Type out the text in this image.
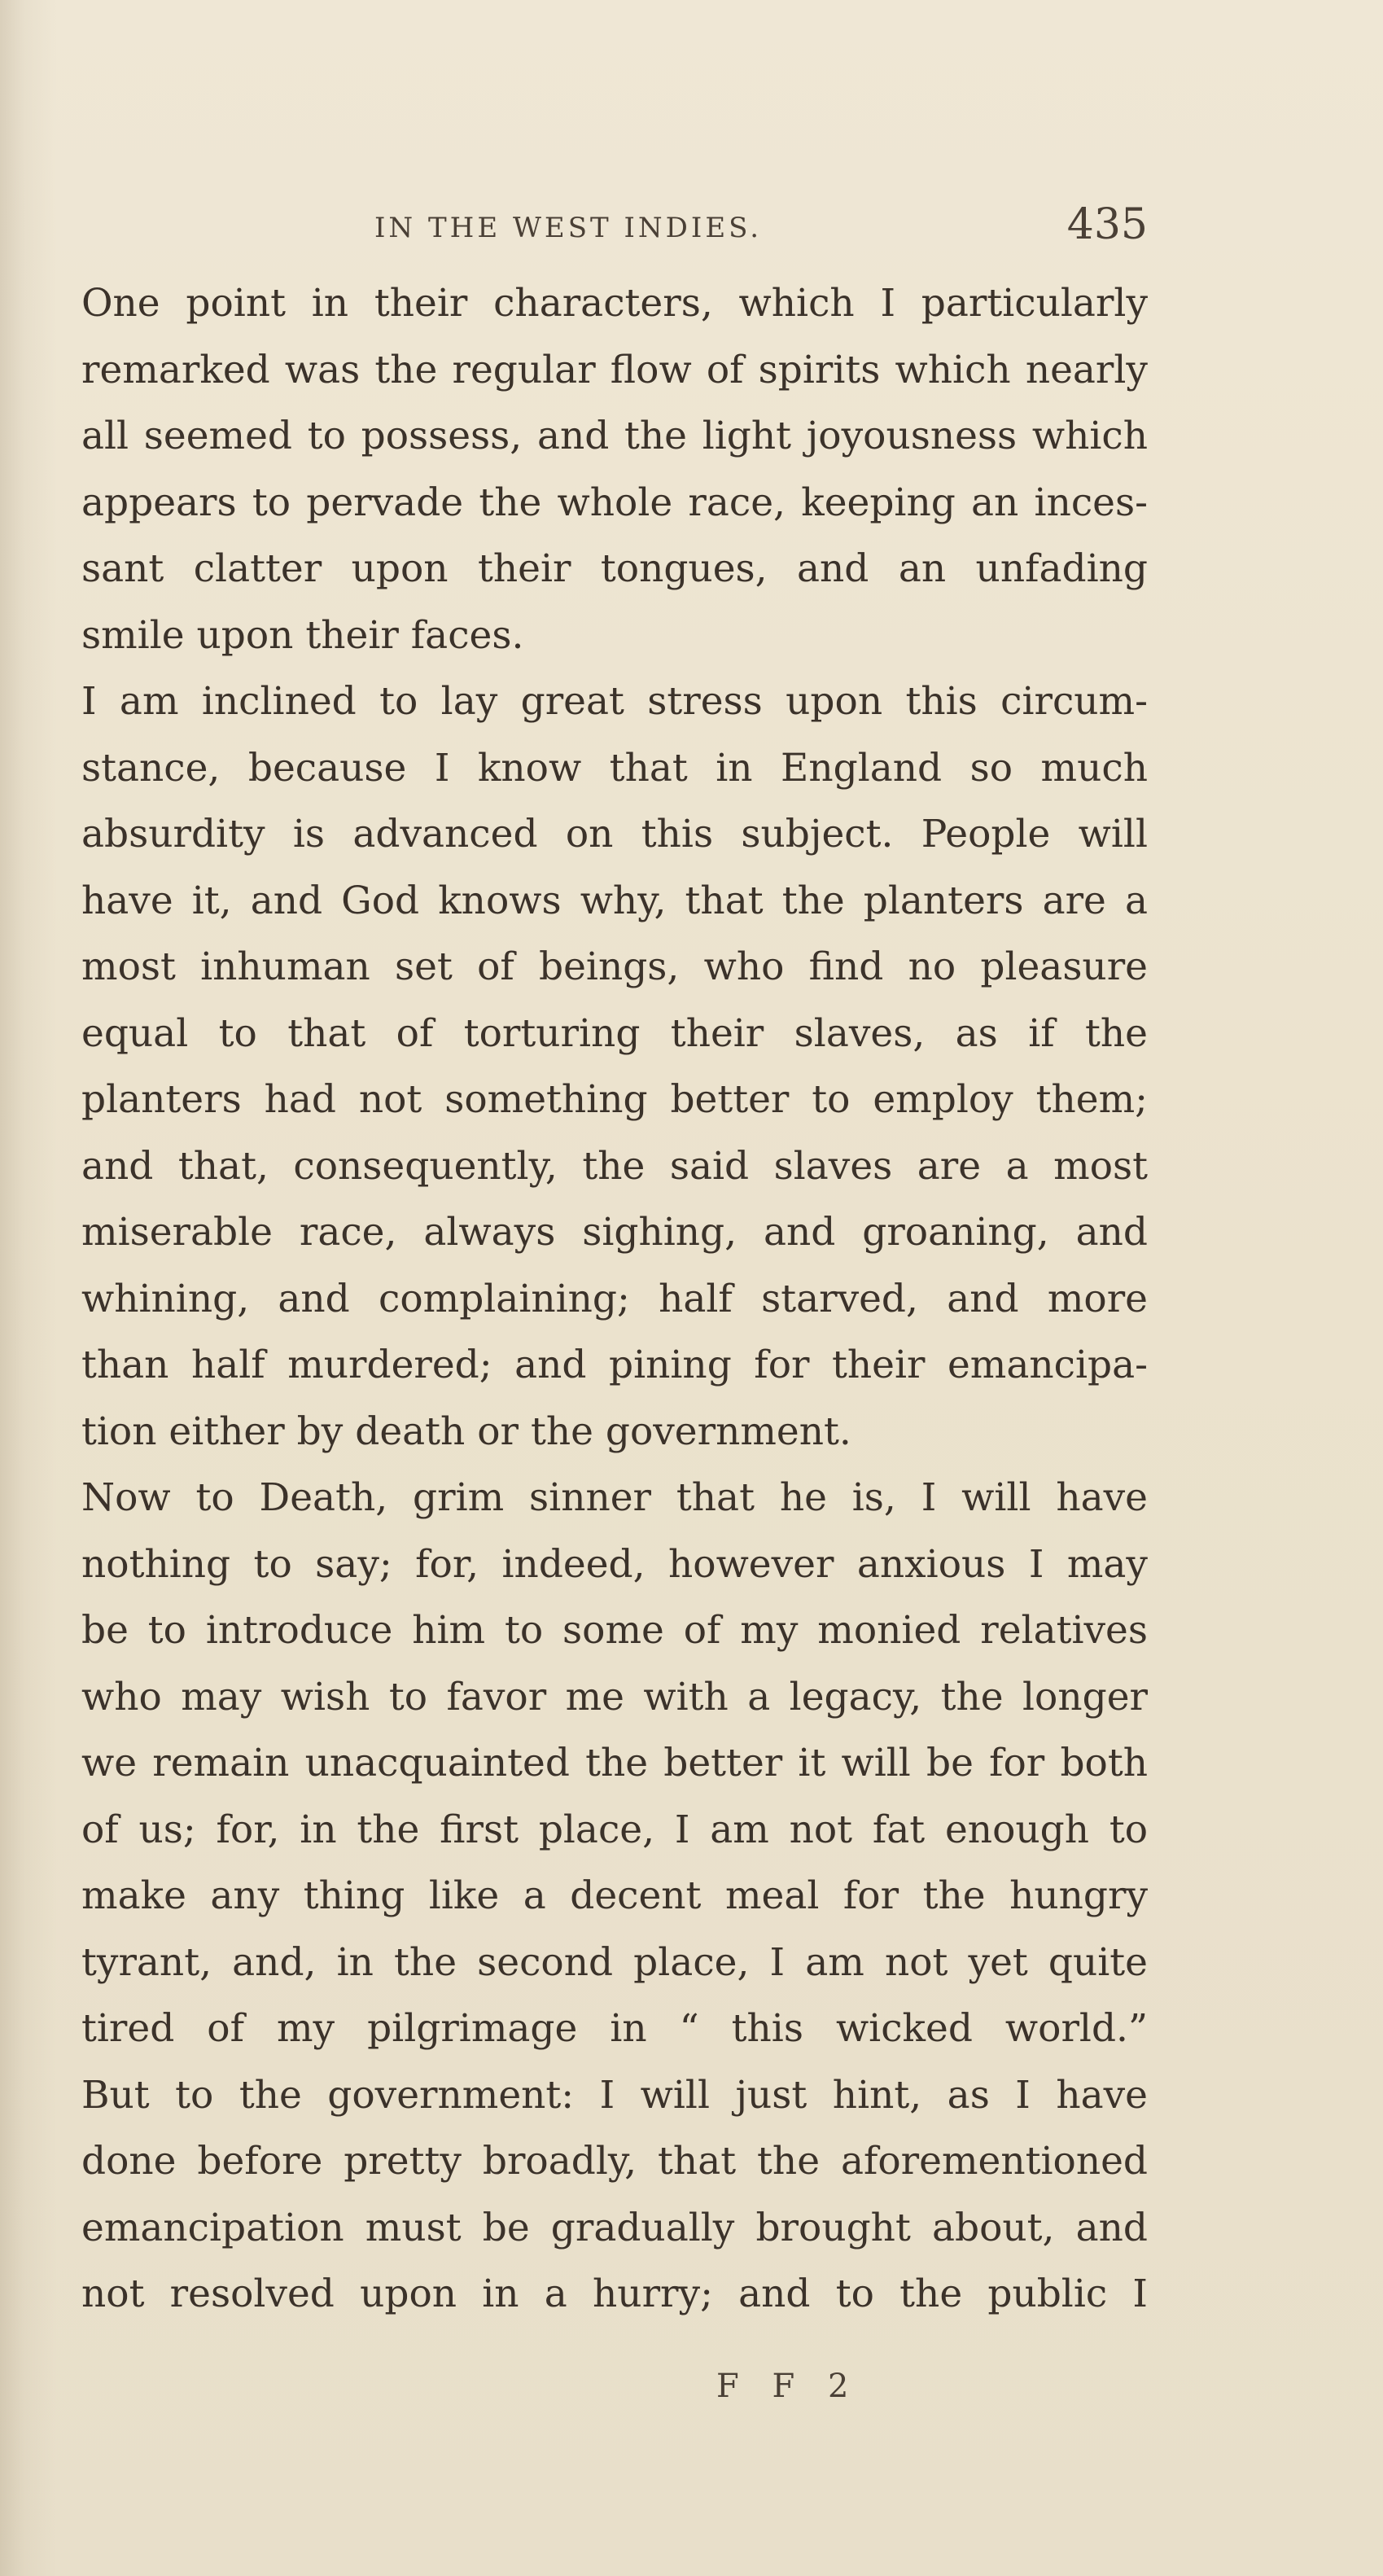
IN THE WEST INDIES.	435
One point in their characters, which I particularly
remarked was the regular flow of spirits which nearly
all seemed to possess, and the light joyousness which
appears to pervade the whole race, keeping an inces-
sant clatter upon their tongues, and an unfading
smile upon their faces.
I am inclined to lay great stress upon this circum-
stance, because I know that in England so much
absurdity is advanced on this subject. People will
have it, and God knows why, that the planters are a
most inhuman set of beings, who find no pleasure
equal to that of torturing their slaves, as if the
planters had not something better to employ them;
and that, consequently, the said slaves are a most
miserable race, always sighing, and groaning, and
whining, and complaining; half starved, and more
than half murdered; and pining for their emancipa-
tion either by death or the government.
Now to Death, grim sinner that he is, I will have
nothing to say; for, indeed, however anxious I may
be to introduce him to some of my monied relatives
who may wish to favor me with a legacy, the longer
we remain unacquainted the better it will be for both
of us; for, in the first place, I am not fat enough to
make any thing like a decent meal for the hungry
tyrant, and, in the second place, I am not yet quite
tired of my pilgrimage in “ this wicked world.”
But to the government: I will just hint, as I have
done before pretty broadly, that the aforementioned
emancipation must be gradually brought about, and
not resolved upon in a hurry; and to the public I
F F 2
